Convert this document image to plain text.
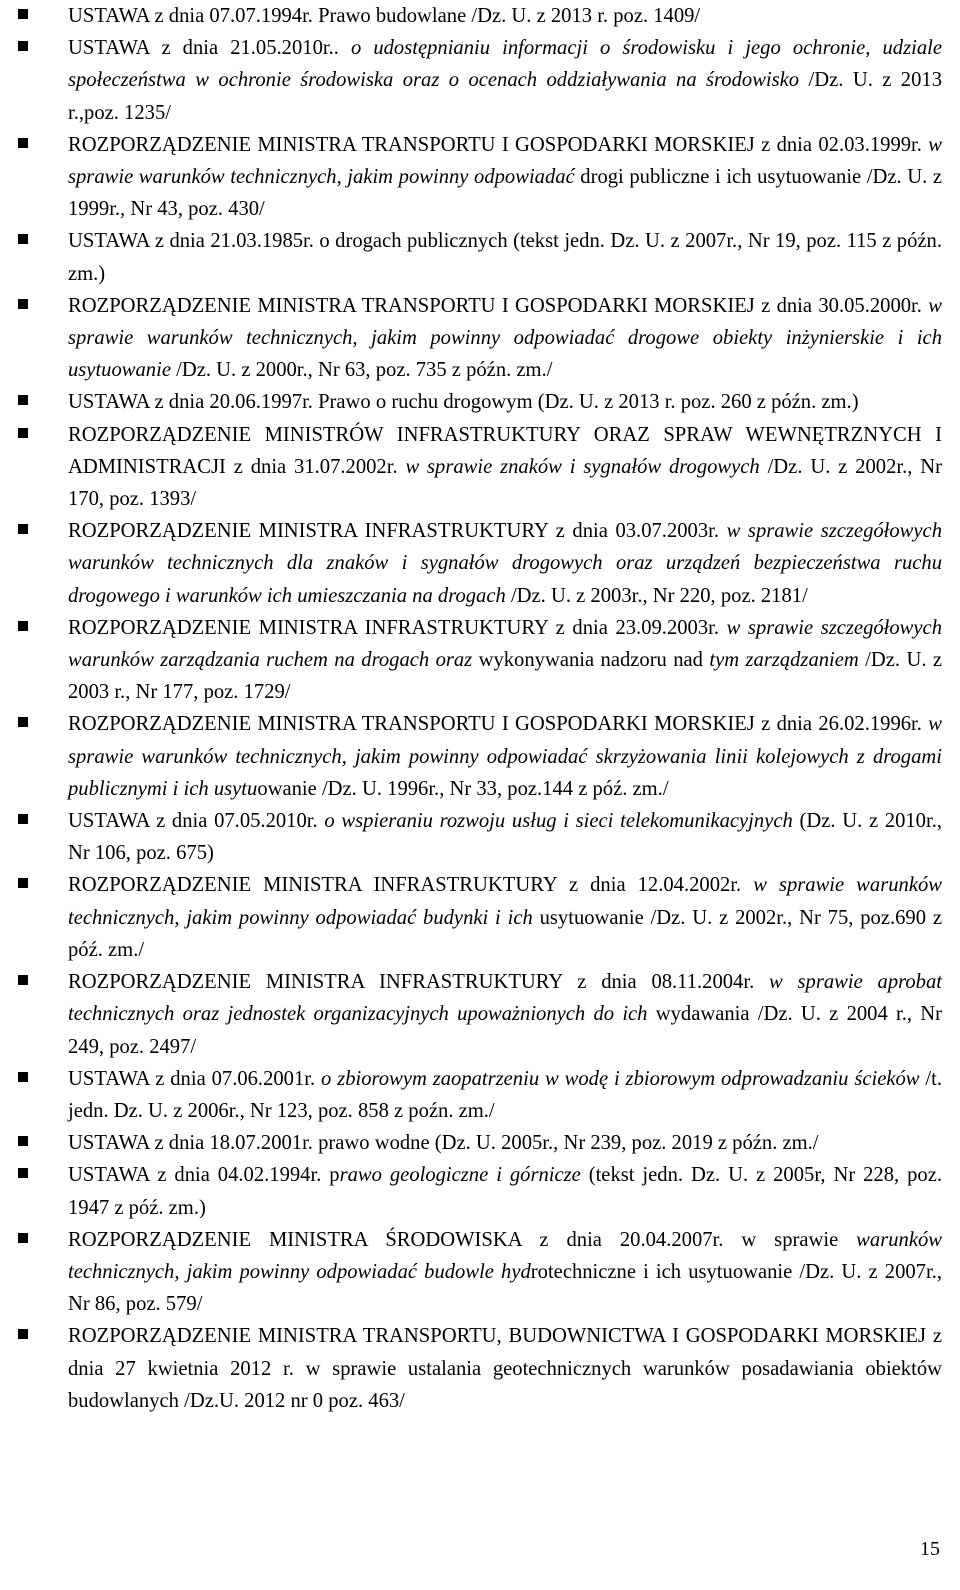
USTAWA z dnia 07.07.1994r. Prawo budowlane /Dz. U. z 2013 r. poz. 1409/
USTAWA z dnia 21.05.2010r.. o udostępnianiu informacji o środowisku i jego ochronie, udziale społeczeństwa w ochronie środowiska oraz o ocenach oddziaływania na środowisko /Dz. U. z 2013 r.,poz. 1235/
ROZPORZĄDZENIE MINISTRA TRANSPORTU I GOSPODARKI MORSKIEJ z dnia 02.03.1999r. w sprawie warunków technicznych, jakim powinny odpowiadać drogi publiczne i ich usytuowanie /Dz. U. z 1999r., Nr 43, poz. 430/
USTAWA z dnia 21.03.1985r. o drogach publicznych (tekst jedn. Dz. U. z 2007r., Nr 19, poz. 115 z późn. zm.)
ROZPORZĄDZENIE MINISTRA TRANSPORTU I GOSPODARKI MORSKIEJ z dnia 30.05.2000r. w sprawie warunków technicznych, jakim powinny odpowiadać drogowe obiekty inżynierskie i ich usytuowanie /Dz. U. z 2000r., Nr 63, poz. 735 z późn. zm./
USTAWA z dnia 20.06.1997r. Prawo o ruchu drogowym (Dz. U. z 2013 r. poz. 260 z późn. zm.)
ROZPORZĄDZENIE MINISTRÓW INFRASTRUKTURY ORAZ SPRAW WEWNĘTRZNYCH I ADMINISTRACJI z dnia 31.07.2002r. w sprawie znaków i sygnałów drogowych /Dz. U. z 2002r., Nr 170, poz. 1393/
ROZPORZĄDZENIE MINISTRA INFRASTRUKTURY z dnia 03.07.2003r. w sprawie szczegółowych warunków technicznych dla znaków i sygnałów drogowych oraz urządzeń bezpieczeństwa ruchu drogowego i warunków ich umieszczania na drogach /Dz. U. z 2003r., Nr 220, poz. 2181/
ROZPORZĄDZENIE MINISTRA INFRASTRUKTURY z dnia 23.09.2003r. w sprawie szczegółowych warunków zarządzania ruchem na drogach oraz wykonywania nadzoru nad tym zarządzaniem /Dz. U. z 2003 r., Nr 177, poz. 1729/
ROZPORZĄDZENIE MINISTRA TRANSPORTU I GOSPODARKI MORSKIEJ z dnia 26.02.1996r. w sprawie warunków technicznych, jakim powinny odpowiadać skrzyżowania linii kolejowych z drogami publicznymi i ich usytuowanie /Dz. U. 1996r., Nr 33, poz.144 z póź. zm./
USTAWA z dnia 07.05.2010r. o wspieraniu rozwoju usług i sieci telekomunikacyjnych (Dz. U. z 2010r., Nr 106, poz. 675)
ROZPORZĄDZENIE MINISTRA INFRASTRUKTURY z dnia 12.04.2002r. w sprawie warunków technicznych, jakim powinny odpowiadać budynki i ich usytuowanie /Dz. U. z 2002r., Nr 75, poz.690 z póź. zm./
ROZPORZĄDZENIE MINISTRA INFRASTRUKTURY z dnia 08.11.2004r. w sprawie aprobat technicznych oraz jednostek organizacyjnych upoważnionych do ich wydawania /Dz. U. z 2004 r., Nr 249, poz. 2497/
USTAWA z dnia 07.06.2001r. o zbiorowym zaopatrzeniu w wodę i zbiorowym odprowadzaniu ścieków /t. jedn. Dz. U. z 2006r., Nr 123, poz. 858 z poźn. zm./
USTAWA z dnia 18.07.2001r. prawo wodne (Dz. U. 2005r., Nr 239, poz. 2019 z późn. zm./
USTAWA z dnia 04.02.1994r. prawo geologiczne i górnicze (tekst jedn. Dz. U. z 2005r, Nr 228, poz. 1947 z póź. zm.)
ROZPORZĄDZENIE MINISTRA ŚRODOWISKA z dnia 20.04.2007r. w sprawie warunków technicznych, jakim powinny odpowiadać budowle hydrotechniczne i ich usytuowanie /Dz. U. z 2007r., Nr 86, poz. 579/
ROZPORZĄDZENIE MINISTRA TRANSPORTU, BUDOWNICTWA I GOSPODARKI MORSKIEJ z dnia 27 kwietnia 2012 r. w sprawie ustalania geotechnicznych warunków posadawiania obiektów budowlanych /Dz.U. 2012 nr 0 poz. 463/
15
